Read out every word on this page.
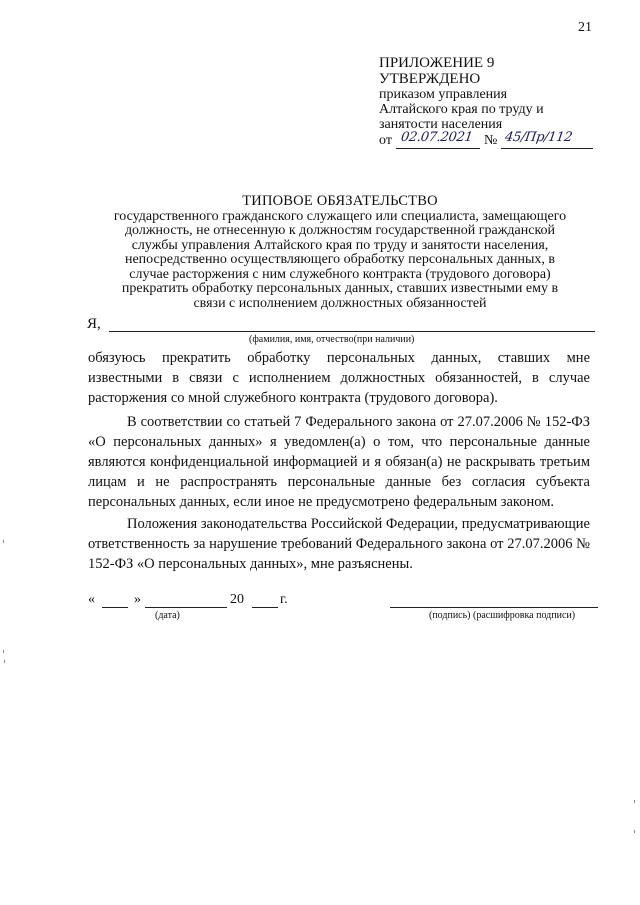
21
ПРИЛОЖЕНИЕ 9
УТВЕРЖДЕНО
приказом управления
Алтайского края по труду и
занятости населения
от 02.07.2021 № 45/Пр/112
ТИПОВОЕ ОБЯЗАТЕЛЬСТВО
государственного гражданского служащего или специалиста, замещающего
должность, не отнесенную к должностям государственной гражданской
службы управления Алтайского края по труду и занятости населения,
непосредственно осуществляющего обработку персональных данных, в
случае расторжения с ним служебного контракта (трудового договора)
прекратить обработку персональных данных, ставших известными ему в
связи с исполнением должностных обязанностей
Я,
(фамилия, имя, отчество(при наличии)

обязуюсь прекратить обработку персональных данных, ставших мне известными в связи с исполнением должностных обязанностей, в случае расторжения со мной служебного контракта (трудового договора).

В соответствии со статьей 7 Федерального закона от 27.07.2006 № 152-ФЗ «О персональных данных» я уведомлен(а) о том, что персональные данные являются конфиденциальной информацией и я обязан(а) не раскрывать третьим лицам и не распространять персональные данные без согласия субъекта персональных данных, если иное не предусмотрено федеральным законом.

Положения законодательства Российской Федерации, предусматривающие ответственность за нарушение требований Федерального закона от 27.07.2006 № 152-ФЗ «О персональных данных», мне разъяснены.

«	»	20	г.
(дата)	(подпись) (расшифровка подписи)
